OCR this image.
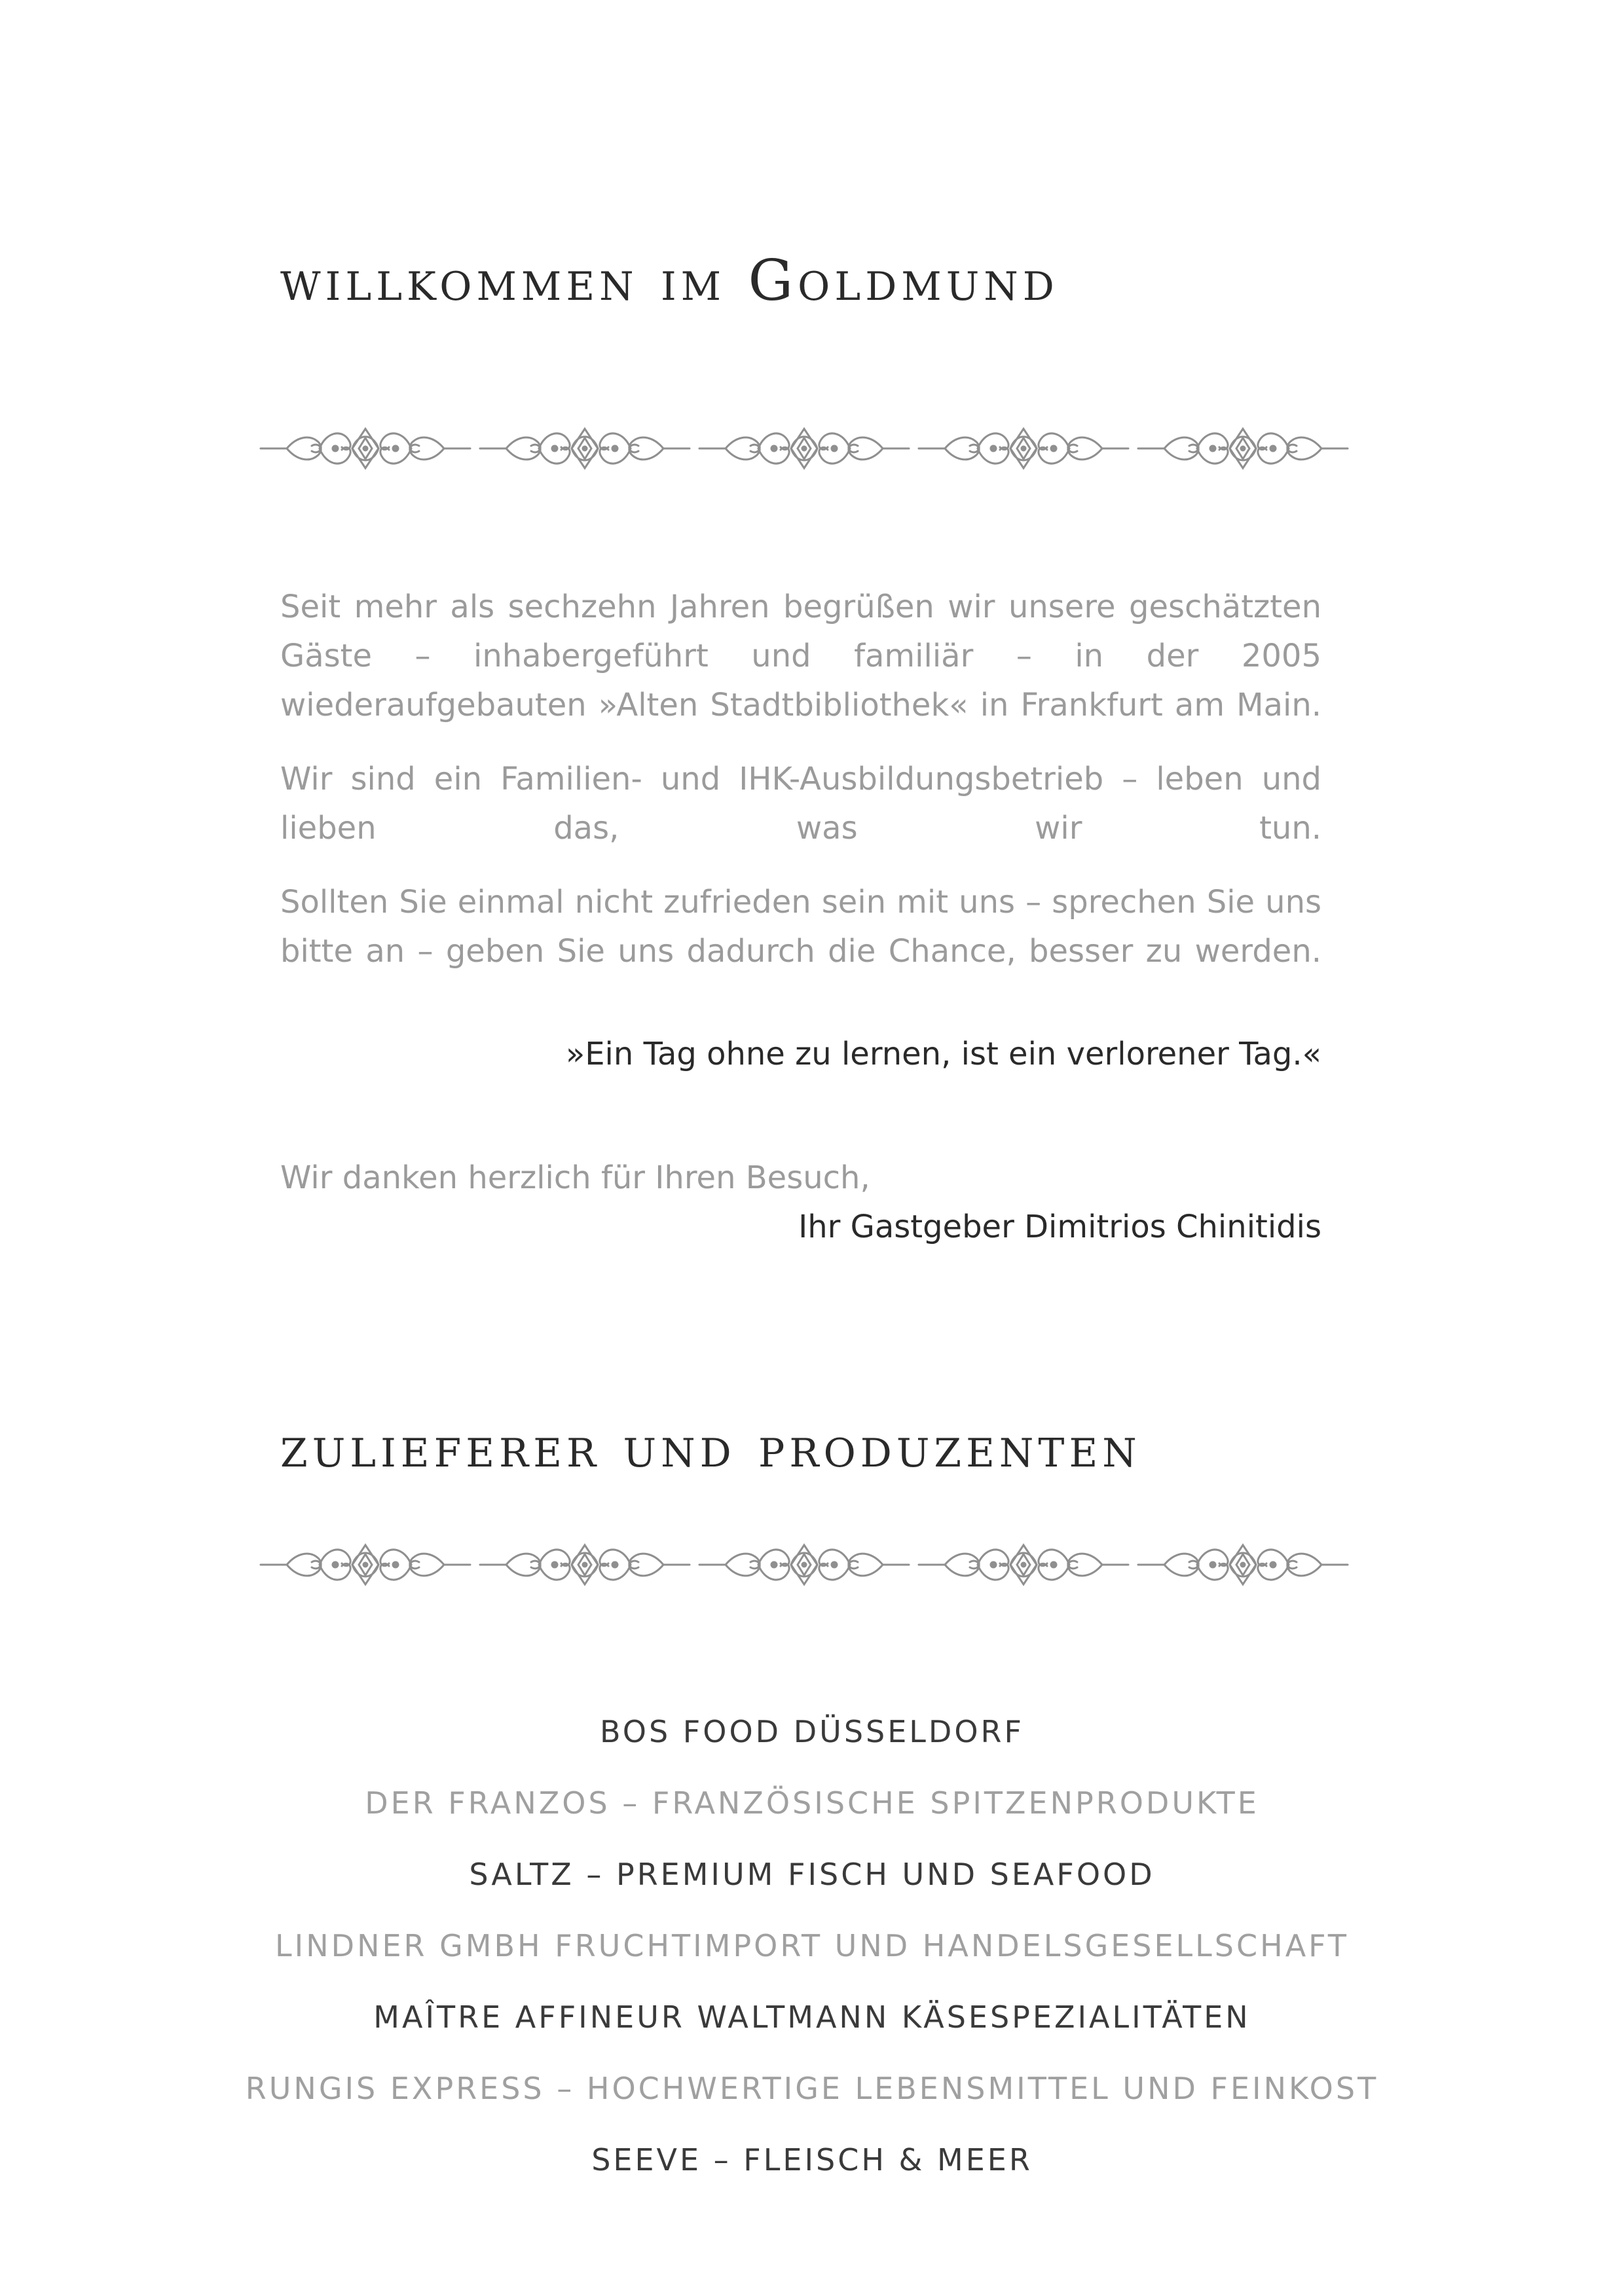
willkommen im Goldmund

Seit mehr als sechzehn Jahren begrüßen wir unsere geschätzten Gäste – inhabergeführt und familiär – in der 2005 wiederaufgebauten »Alten Stadtbibliothek« in Frankfurt am Main.

Wir sind ein Familien- und IHK-Ausbildungsbetrieb – leben und lieben das, was wir tun.

Sollten Sie einmal nicht zufrieden sein mit uns – sprechen Sie uns bitte an – geben Sie uns dadurch die Chance, besser zu werden.

»Ein Tag ohne zu lernen, ist ein verlorener Tag.«
Wir danken herzlich für Ihren Besuch,
Ihr Gastgeber Dimitrios Chinitidis
zulieferer und produzenten
BOS FOOD DÜSSELDORF
DER FRANZOS – FRANZÖSISCHE SPITZENPRODUKTE
SALTZ – PREMIUM FISCH UND SEAFOOD
LINDNER GMBH FRUCHTIMPORT UND HANDELSGESELLSCHAFT
MAÎTRE AFFINEUR WALTMANN KÄSESPEZIALITÄTEN
RUNGIS EXPRESS – HOCHWERTIGE LEBENSMITTEL UND FEINKOST
SEEVE – FLEISCH & MEER
